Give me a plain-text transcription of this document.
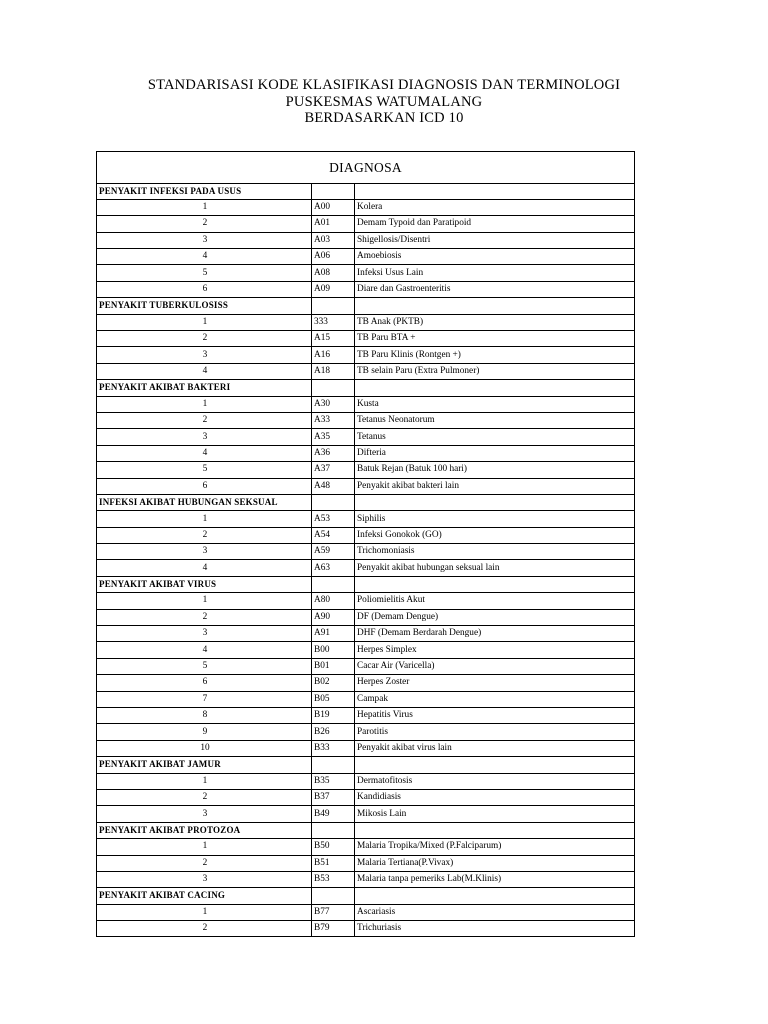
STANDARISASI KODE KLASIFIKASI DIAGNOSIS DAN TERMINOLOGI
PUSKESMAS WATUMALANG
BERDASARKAN ICD 10
DIAGNOSA		
PENYAKIT INFEKSI PADA USUS		
1	A00	Kolera
2	A01	Demam Typoid dan Paratipoid
3	A03	Shigellosis/Disentri
4	A06	Amoebiosis
5	A08	Infeksi Usus Lain
6	A09	Diare dan Gastroenteritis
PENYAKIT TUBERKULOSISS		
1	333	TB Anak (PKTB)
2	A15	TB Paru BTA +
3	A16	TB Paru Klinis (Rontgen +)
4	A18	TB selain Paru (Extra Pulmoner)
PENYAKIT AKIBAT BAKTERI		
1	A30	Kusta
2	A33	Tetanus Neonatorum
3	A35	Tetanus
4	A36	Difteria
5	A37	Batuk Rejan (Batuk 100 hari)
6	A48	Penyakit akibat bakteri lain
INFEKSI AKIBAT HUBUNGAN SEKSUAL		
1	A53	Siphilis
2	A54	Infeksi Gonokok (GO)
3	A59	Trichomoniasis
4	A63	Penyakit akibat hubungan seksual lain
PENYAKIT AKIBAT VIRUS		
1	A80	Poliomielitis Akut
2	A90	DF (Demam Dengue)
3	A91	DHF (Demam Berdarah Dengue)
4	B00	Herpes Simplex
5	B01	Cacar Air (Varicella)
6	B02	Herpes Zoster
7	B05	Campak
8	B19	Hepatitis Virus
9	B26	Parotitis
10	B33	Penyakit akibat virus lain
PENYAKIT AKIBAT JAMUR		
1	B35	Dermatofitosis
2	B37	Kandidiasis
3	B49	Mikosis Lain
PENYAKIT AKIBAT PROTOZOA		
1	B50	Malaria Tropika/Mixed (P.Falciparum)
2	B51	Malaria Tertiana(P.Vivax)
3	B53	Malaria tanpa pemeriks Lab(M.Klinis)
PENYAKIT AKIBAT CACING		
1	B77	Ascariasis
2	B79	Trichuriasis
